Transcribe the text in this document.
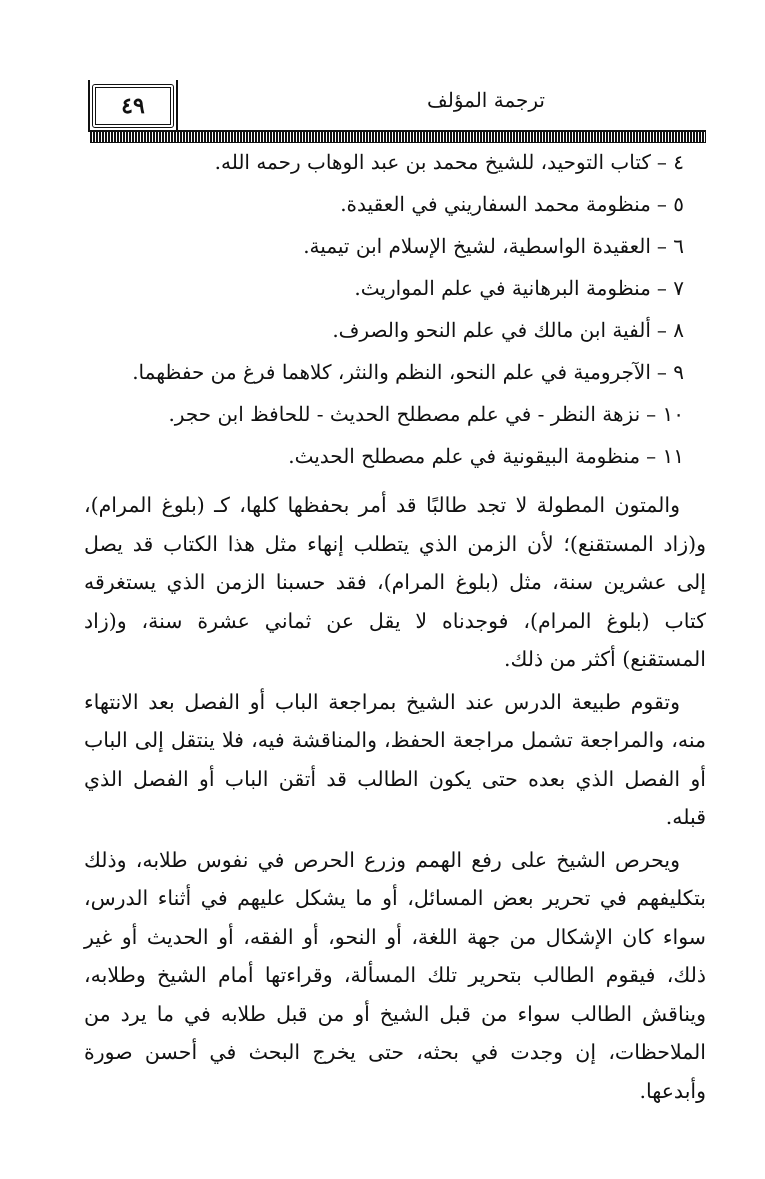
٤٩	ترجمة المؤلف
٤ –كتاب التوحيد، للشيخ محمد بن عبد الوهاب رحمه الله.
٥ –منظومة محمد السفاريني في العقيدة.
٦ –العقيدة الواسطية، لشيخ الإسلام ابن تيمية.
٧ –منظومة البرهانية في علم المواريث.
٨ –ألفية ابن مالك في علم النحو والصرف.
٩ –الآجرومية في علم النحو، النظم والنثر، كلاهما فرغ من حفظهما.
١٠ –نزهة النظر - في علم مصطلح الحديث - للحافظ ابن حجر.
١١ –منظومة البيقونية في علم مصطلح الحديث.

والمتون المطولة لا تجد طالبًا قد أمر بحفظها كلها، كـ (بلوغ المرام)، و(زاد المستقنع)؛ لأن الزمن الذي يتطلب إنهاء مثل هذا الكتاب قد يصل إلى عشرين سنة، مثل (بلوغ المرام)، فقد حسبنا الزمن الذي يستغرقه كتاب (بلوغ المرام)، فوجدناه لا يقل عن ثماني عشرة سنة، و(زاد المستقنع) أكثر من ذلك.

وتقوم طبيعة الدرس عند الشيخ بمراجعة الباب أو الفصل بعد الانتهاء منه، والمراجعة تشمل مراجعة الحفظ، والمناقشة فيه، فلا ينتقل إلى الباب أو الفصل الذي بعده حتى يكون الطالب قد أتقن الباب أو الفصل الذي قبله.

ويحرص الشيخ على رفع الهمم وزرع الحرص في نفوس طلابه، وذلك بتكليفهم في تحرير بعض المسائل، أو ما يشكل عليهم في أثناء الدرس، سواء كان الإشكال من جهة اللغة، أو النحو، أو الفقه، أو الحديث أو غير ذلك، فيقوم الطالب بتحرير تلك المسألة، وقراءتها أمام الشيخ وطلابه، ويناقش الطالب سواء من قبل الشيخ أو من قبل طلابه في ما يرد من الملاحظات، إن وجدت في بحثه، حتى يخرج البحث في أحسن صورة وأبدعها.
